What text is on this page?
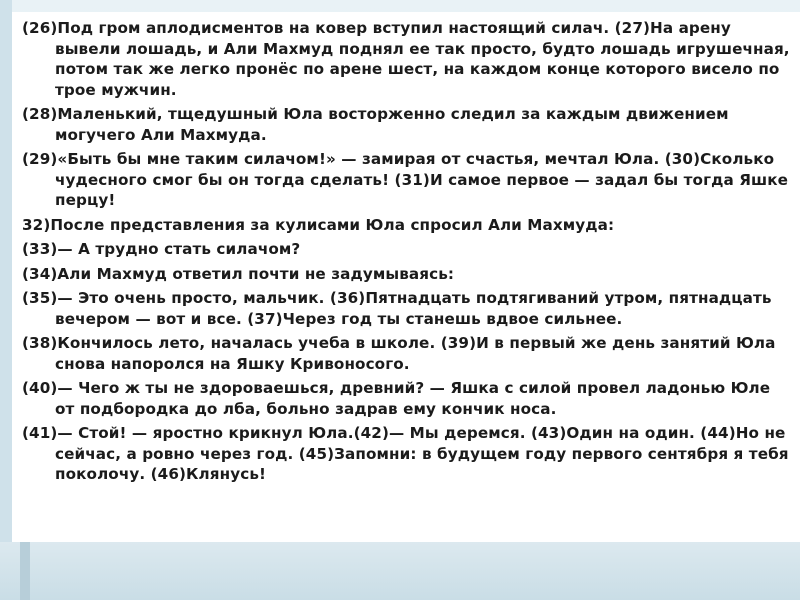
(26)Под гром аплодисментов на ковер вступил настоящий силач. (27)На арену вывели лошадь, и Али Махмуд поднял ее так просто, будто лошадь игрушечная, потом так же легко пронёс по арене шест, на каждом конце которого висело по трое мужчин.

(28)Маленький, тщедушный Юла восторженно следил за каждым движением могучего Али Махмуда.

(29)«Быть бы мне таким силачом!» — замирая от счастья, мечтал Юла. (30)Сколько чудесного смог бы он тогда сделать! (31)И самое первое — задал бы тогда Яшке перцу!

32)После представления за кулисами Юла спросил Али Махмуда:

(33)— А трудно стать силачом?

(34)Али Махмуд ответил почти не задумываясь:

(35)— Это очень просто, мальчик. (36)Пятнадцать подтягиваний утром, пятнадцать вечером — вот и все. (37)Через год ты станешь вдвое сильнее.

(38)Кончилось лето, началась учеба в школе. (39)И в первый же день занятий Юла снова напоролся на Яшку Кривоносого.

(40)— Чего ж ты не здороваешься, древний? — Яшка с силой провел ладонью Юле от подбородка до лба, больно задрав ему кончик носа.

(41)— Стой! — яростно крикнул Юла.(42)— Мы деремся. (43)Один на один. (44)Но не сейчас, а ровно через год. (45)Запомни: в будущем году первого сентября я тебя поколочу. (46)Клянусь!
